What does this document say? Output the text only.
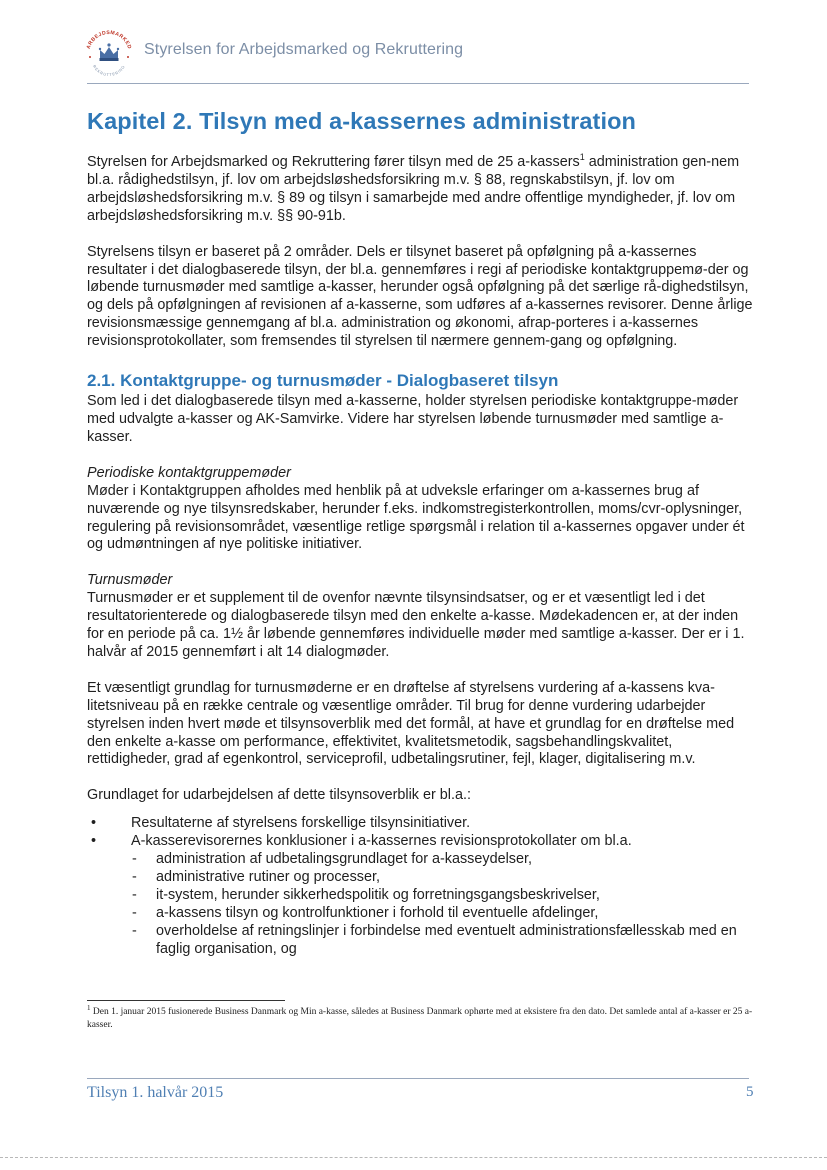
ARBEJDSMARKED
REKRUTTERING
Styrelsen for Arbejdsmarked og Rekruttering
Kapitel 2. Tilsyn med a-kassernes administration

Styrelsen for Arbejdsmarked og Rekruttering fører tilsyn med de 25 a-kassers$^1$ administration gen-nem bl.a. rådighedstilsyn, jf. lov om arbejdsløshedsforsikring m.v. § 88, regnskabstilsyn, jf. lov om arbejdsløshedsforsikring m.v. § 89 og tilsyn i samarbejde med andre offentlige myndigheder, jf. lov om arbejdsløshedsforsikring m.v. §§ 90-91b.

Styrelsens tilsyn er baseret på 2 områder. Dels er tilsynet baseret på opfølgning på a-kassernes resultater i det dialogbaserede tilsyn, der bl.a. gennemføres i regi af periodiske kontaktgruppemø-der og løbende turnusmøder med samtlige a-kasser, herunder også opfølgning på det særlige rå-dighedstilsyn, og dels på opfølgningen af revisionen af a-kasserne, som udføres af a-kassernes revisorer. Denne årlige revisionsmæssige gennemgang af bl.a. administration og økonomi, afrap-porteres i a-kassernes revisionsprotokollater, som fremsendes til styrelsen til nærmere gennem-gang og opfølgning.

2.1. Kontaktgruppe- og turnusmøder - Dialogbaseret tilsyn

Som led i det dialogbaserede tilsyn med a-kasserne, holder styrelsen periodiske kontaktgruppe-møder med udvalgte a-kasser og AK-Samvirke. Videre har styrelsen løbende turnusmøder med samtlige a-kasser.

Periodiske kontaktgruppemøder

Møder i Kontaktgruppen afholdes med henblik på at udveksle erfaringer om a-kassernes brug af nuværende og nye tilsynsredskaber, herunder f.eks. indkomstregisterkontrollen, moms/cvr-oplysninger, regulering på revisionsområdet, væsentlige retlige spørgsmål i relation til a-kassernes opgaver under ét og udmøntningen af nye politiske initiativer.

Turnusmøder

Turnusmøder er et supplement til de ovenfor nævnte tilsynsindsatser, og er et væsentligt led i det resultatorienterede og dialogbaserede tilsyn med den enkelte a-kasse. Mødekadencen er, at der inden for en periode på ca. 1½ år løbende gennemføres individuelle møder med samtlige a-kasser. Der er i 1. halvår af 2015 gennemført i alt 14 dialogmøder.

Et væsentligt grundlag for turnusmøderne er en drøftelse af styrelsens vurdering af a-kassens kva-litetsniveau på en række centrale og væsentlige områder. Til brug for denne vurdering udarbejder styrelsen inden hvert møde et tilsynsoverblik med det formål, at have et grundlag for en drøftelse med den enkelte a-kasse om performance, effektivitet, kvalitetsmetodik, sagsbehandlingskvalitet, rettidigheder, grad af egenkontrol, serviceprofil, udbetalingsrutiner, fejl, klager, digitalisering m.v.

Grundlaget for udarbejdelsen af dette tilsynsoverblik er bl.a.:

• Resultaterne af styrelsens forskellige tilsynsinitiativer.
• A-kasserevisorernes konklusioner i a-kassernes revisionsprotokollater om bl.a.
- administration af udbetalingsgrundlaget for a-kasseydelser,
- administrative rutiner og processer,
- it-system, herunder sikkerhedspolitik og forretningsgangsbeskrivelser,
- a-kassens tilsyn og kontrolfunktioner i forhold til eventuelle afdelinger,
- overholdelse af retningslinjer i forbindelse med eventuelt administrationsfællesskab med en faglig organisation, og
$^1$ Den 1. januar 2015 fusionerede Business Danmark og Min a-kasse, således at Business Danmark ophørte med at eksistere fra den dato. Det samlede antal af a-kasser er 25 a-kasser.
Tilsyn 1. halvår 2015	5
